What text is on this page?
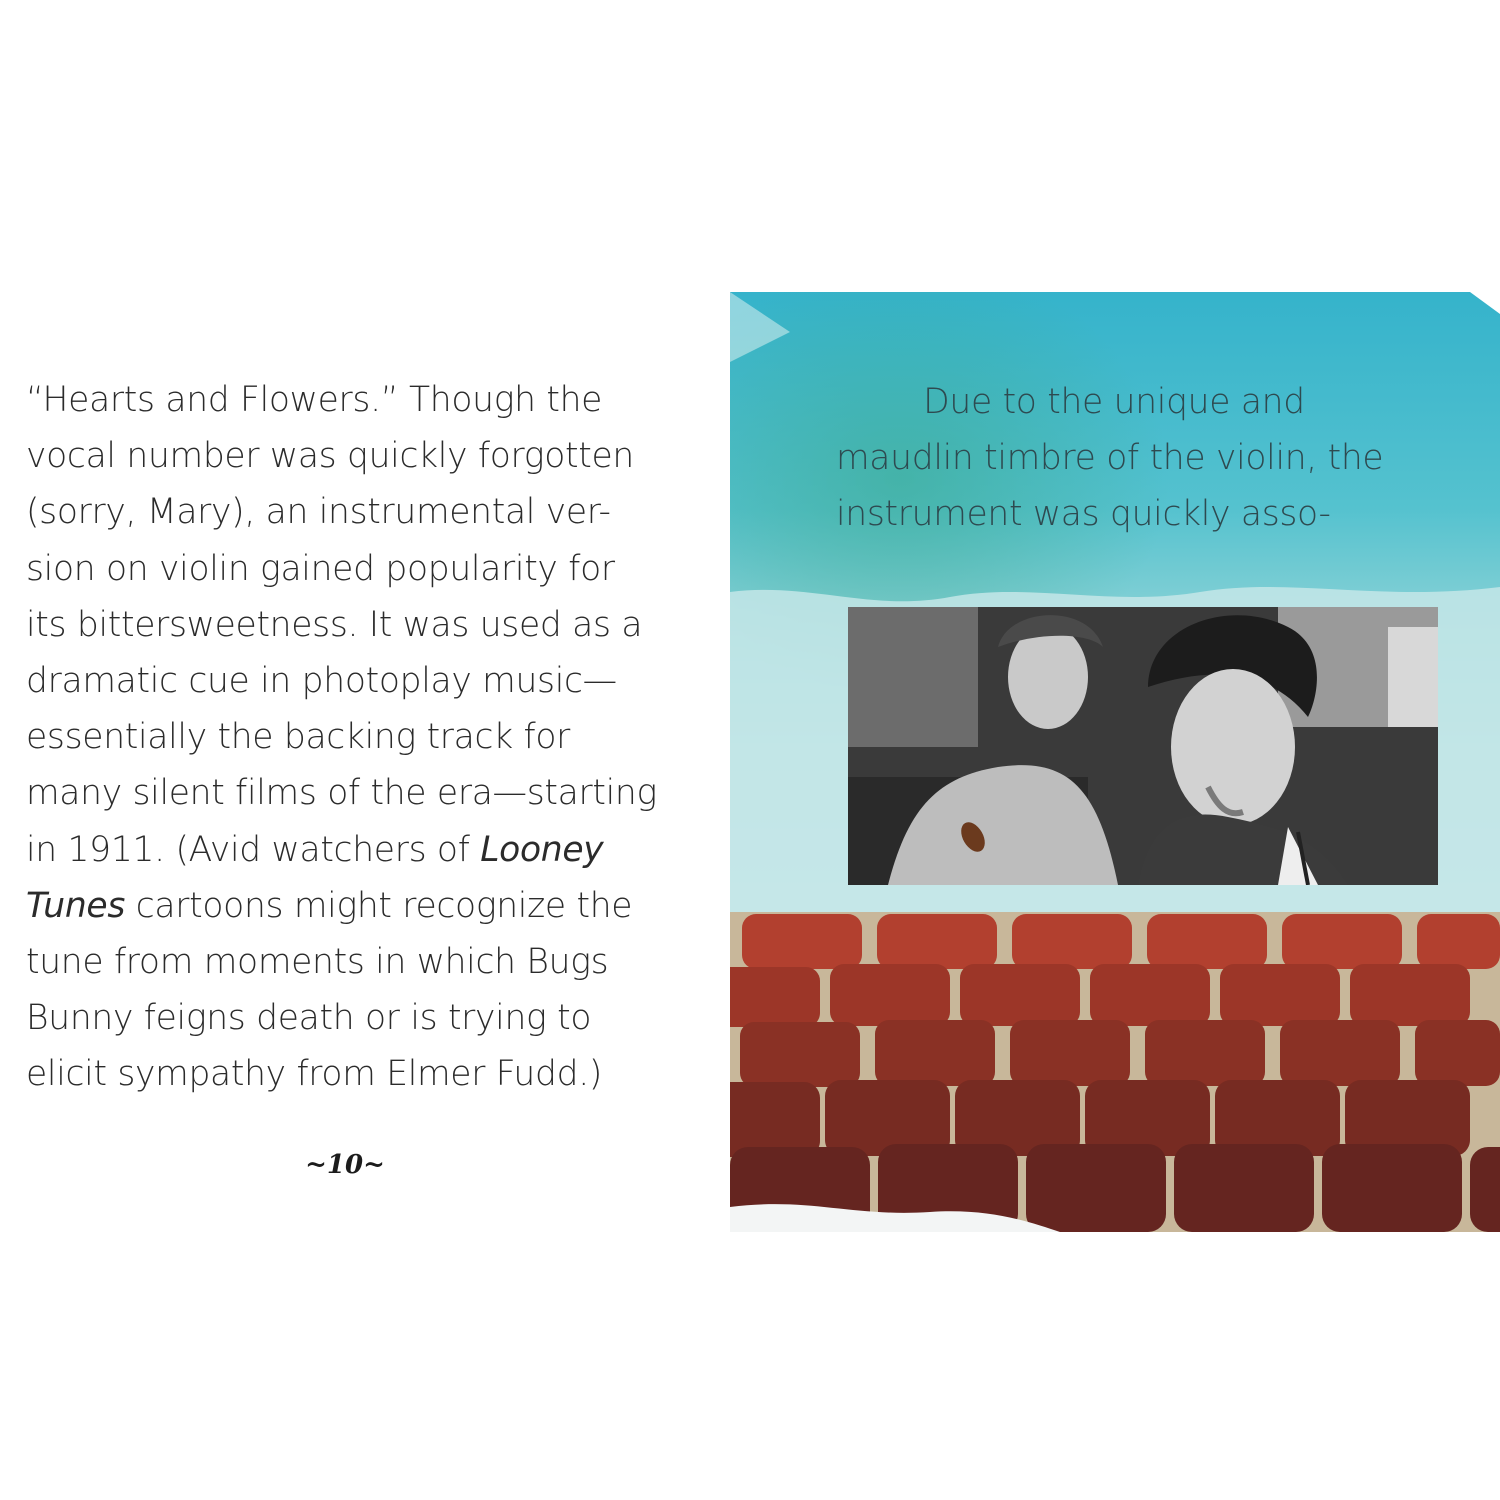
“Hearts and Flowers.” Though the
vocal number was quickly forgotten
(sorry, Mary), an instrumental ver-
sion on violin gained popularity for
its bittersweetness. It was used as a
dramatic cue in photoplay music—
essentially the backing track for
many silent films of the era—starting
in 1911. (Avid watchers of Looney
Tunes cartoons might recognize the
tune from moments in which Bugs
Bunny feigns death or is trying to
elicit sympathy from Elmer Fudd.)
~10~
Due to the unique and
maudlin timbre of the violin, the
instrument was quickly asso-
